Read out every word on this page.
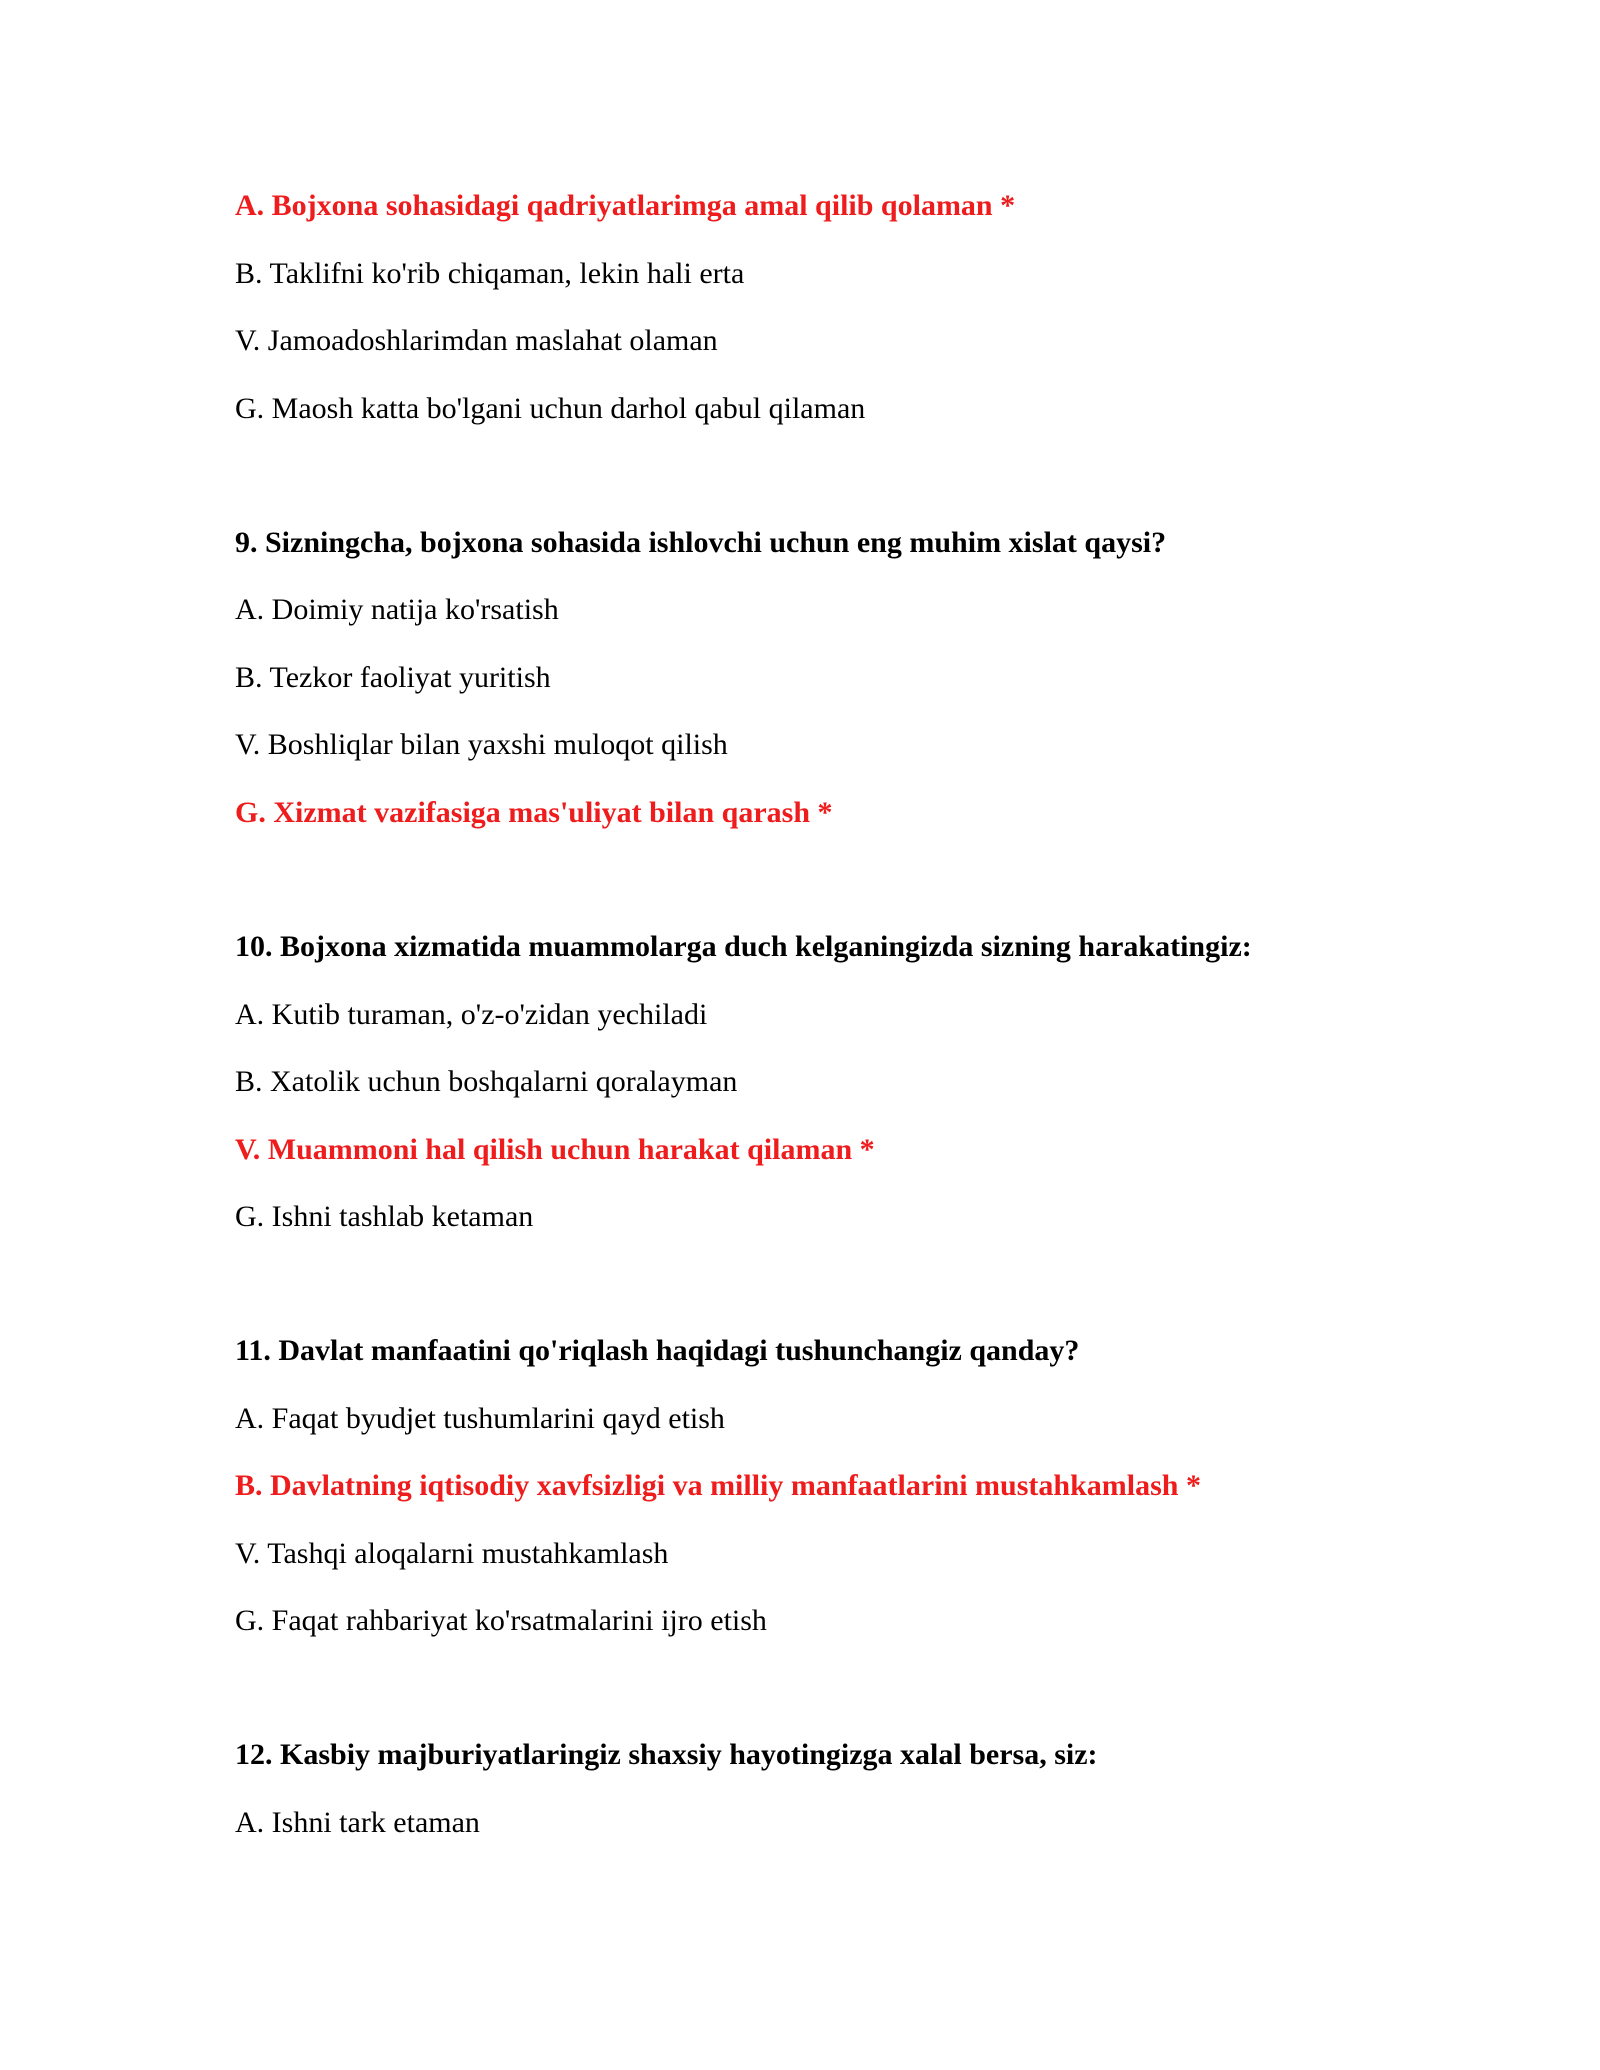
A. Bojxona sohasidagi qadriyatlarimga amal qilib qolaman *
B. Taklifni ko'rib chiqaman, lekin hali erta
V. Jamoadoshlarimdan maslahat olaman
G. Maosh katta bo'lgani uchun darhol qabul qilaman
9. Sizningcha, bojxona sohasida ishlovchi uchun eng muhim xislat qaysi?
A. Doimiy natija ko'rsatish
B. Tezkor faoliyat yuritish
V. Boshliqlar bilan yaxshi muloqot qilish
G. Xizmat vazifasiga mas'uliyat bilan qarash *
10. Bojxona xizmatida muammolarga duch kelganingizda sizning harakatingiz:
A. Kutib turaman, o'z-o'zidan yechiladi
B. Xatolik uchun boshqalarni qoralayman
V. Muammoni hal qilish uchun harakat qilaman *
G. Ishni tashlab ketaman
11. Davlat manfaatini qo'riqlash haqidagi tushunchangiz qanday?
A. Faqat byudjet tushumlarini qayd etish
B. Davlatning iqtisodiy xavfsizligi va milliy manfaatlarini mustahkamlash *
V. Tashqi aloqalarni mustahkamlash
G. Faqat rahbariyat ko'rsatmalarini ijro etish
12. Kasbiy majburiyatlaringiz shaxsiy hayotingizga xalal bersa, siz:
A. Ishni tark etaman
